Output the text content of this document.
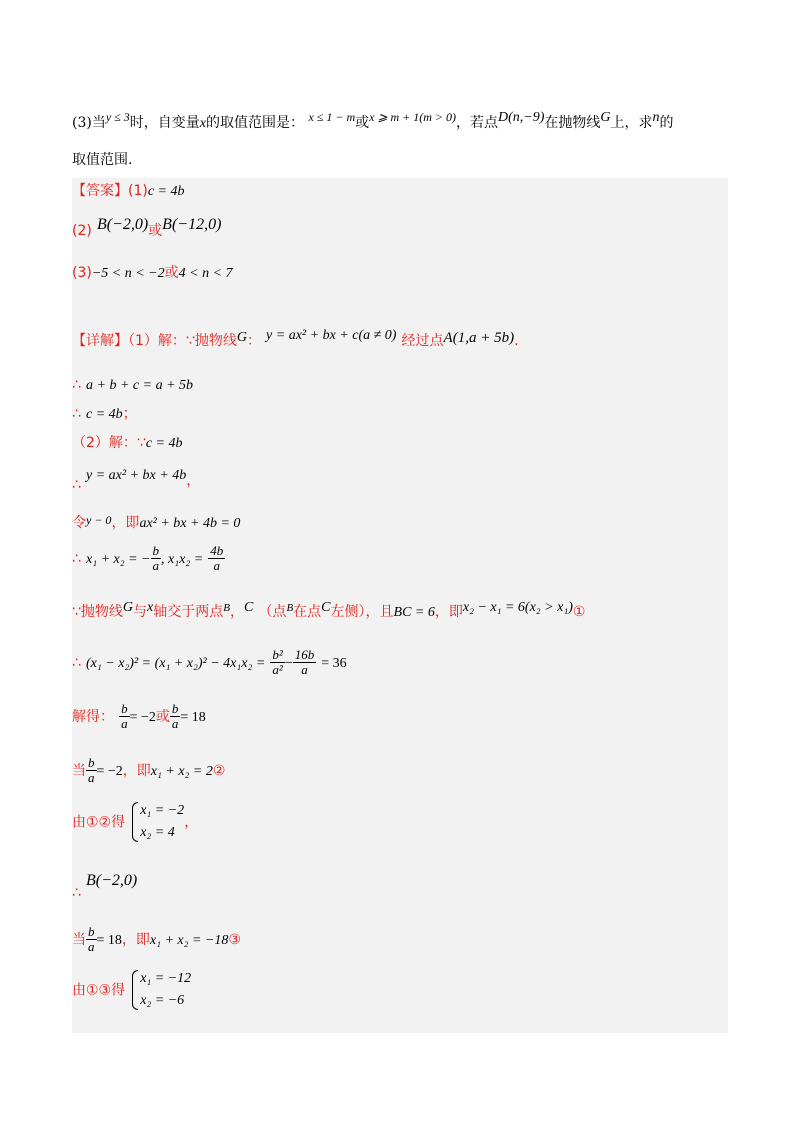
(3)当y ≤ 3时，自变量x的取值范围是： x ≤ 1 − m或x ⩾ m + 1(m > 0)，若点D(n,−9)在抛物线G上，求n的
取值范围.
【答案】(1)c = 4b
(2) B(−2,0)或B(−12,0)
(3)−5 < n < −2或4 < n < 7
【详解】（1）解：∵抛物线G： y = ax² + bx + c(a ≠ 0) 经过点A(1,a + 5b).
∴ a + b + c = a + 5b
∴ c = 4b；
（2）解：∵c = 4b
∴ y = ax² + bx + 4b，
令y − 0，即ax² + bx + 4b = 0
∴ x₁ + x₂ = − $\frac{b}{a}$ , $x_1x_2 = \frac{4b}{a}$
∵抛物线G与x轴交于两点$^B$，C （点$^B$在点C左侧），且BC = 6，即x₂ − x₁ = 6(x₂ > x₁)①
∴ $(x_1 - x_2)^2 = (x_1 + x_2)^2 - 4x_1x_2 = \frac{\text{b²}}{\text{a²}} - \frac{16b}{a} = 36$
解得： $\frac{b}{a} = -2$或 $\frac{b}{a} = 18$
当 $\frac{b}{a} = -2$，即x₁ + x₂ = 2②
由①②得
x₁ = −2
x₂ = 4
，
∴ B(−2,0)
当 $\frac{b}{a} = 18$，即x₁ + x₂ = −18③
由①③得
x₁ = −12
x₂ = −6
